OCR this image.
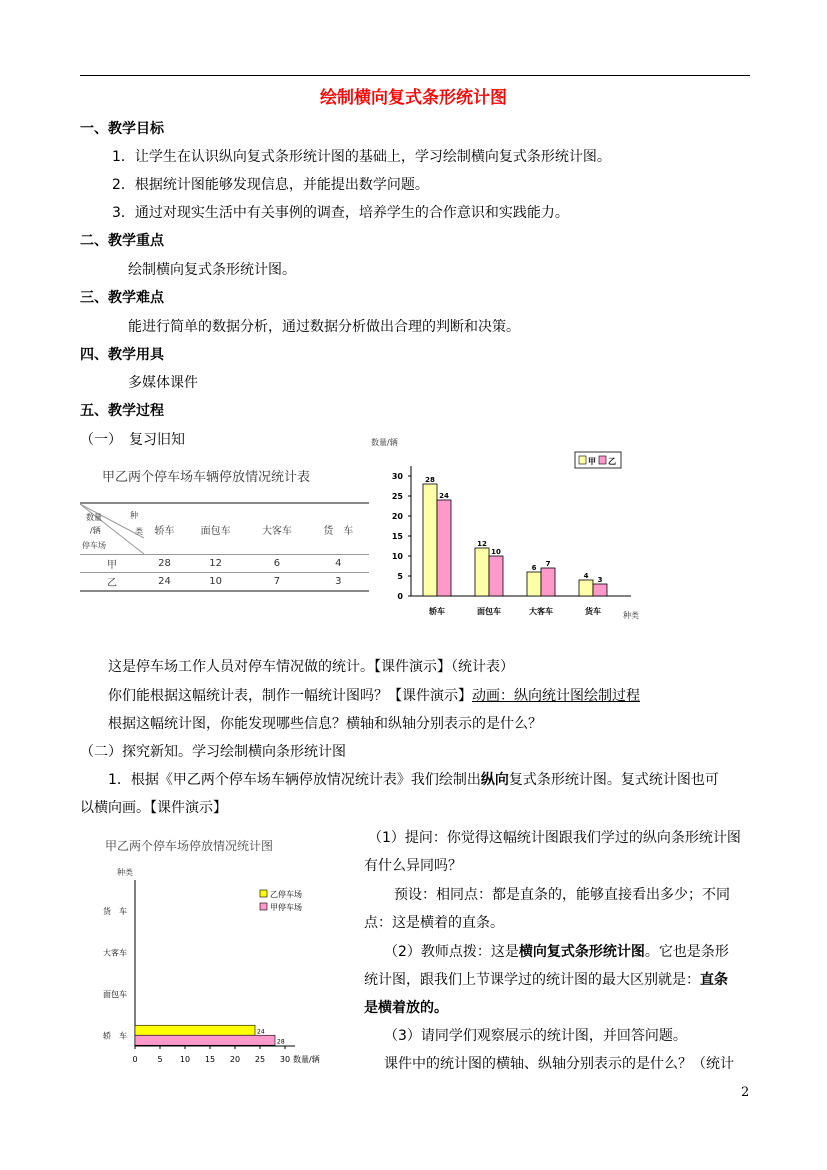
绘制横向复式条形统计图
一、教学目标
1．让学生在认识纵向复式条形统计图的基础上，学习绘制横向复式条形统计图。
2．根据统计图能够发现信息，并能提出数学问题。
3．通过对现实生活中有关事例的调查，培养学生的合作意识和实践能力。
二、教学重点
绘制横向复式条形统计图。
三、教学难点
能进行简单的数据分析，通过数据分析做出合理的判断和决策。
四、教学用具
多媒体课件
五、教学过程
（一）　复习旧知
甲乙两个停车场车辆停放情况统计表
种
类
数量
/辆
停车场	轿车	面包车	大客车	货　车
甲	28	12	6	4
乙	24	10	7	3
数量/辆
0
5
10
15
20
25
30	28
24
轿车
12
10
面包车
6 7
大客车
4 3
货车	种类
甲 乙
这是停车场工作人员对停车情况做的统计。【课件演示】（统计表）
你们能根据这幅统计表，制作一幅统计图吗？【课件演示】动画：纵向统计图绘制过程
根据这幅统计图，你能发现哪些信息？横轴和纵轴分别表示的是什么？
（二）探究新知。学习绘制横向条形统计图
1．根据《甲乙两个停车场车辆停放情况统计表》我们绘制出纵向复式条形统计图。复式统计图也可
以横向画。【课件演示】
甲乙两个停车场停放情况统计图
种类
0 5 10 15 20 25 30 数量/辆
货　车
大客车
面包车
轿　车	24
28
乙停车场
甲停车场
（1）提问：你觉得这幅统计图跟我们学过的纵向条形统计图
有什么异同吗？
预设：相同点：都是直条的，能够直接看出多少；不同
点：这是横着的直条。
（2）教师点拨：这是横向复式条形统计图。它也是条形
统计图，跟我们上节课学过的统计图的最大区别就是：直条
是横着放的。
（3）请同学们观察展示的统计图，并回答问题。
课件中的统计图的横轴、纵轴分别表示的是什么？（统计
2
